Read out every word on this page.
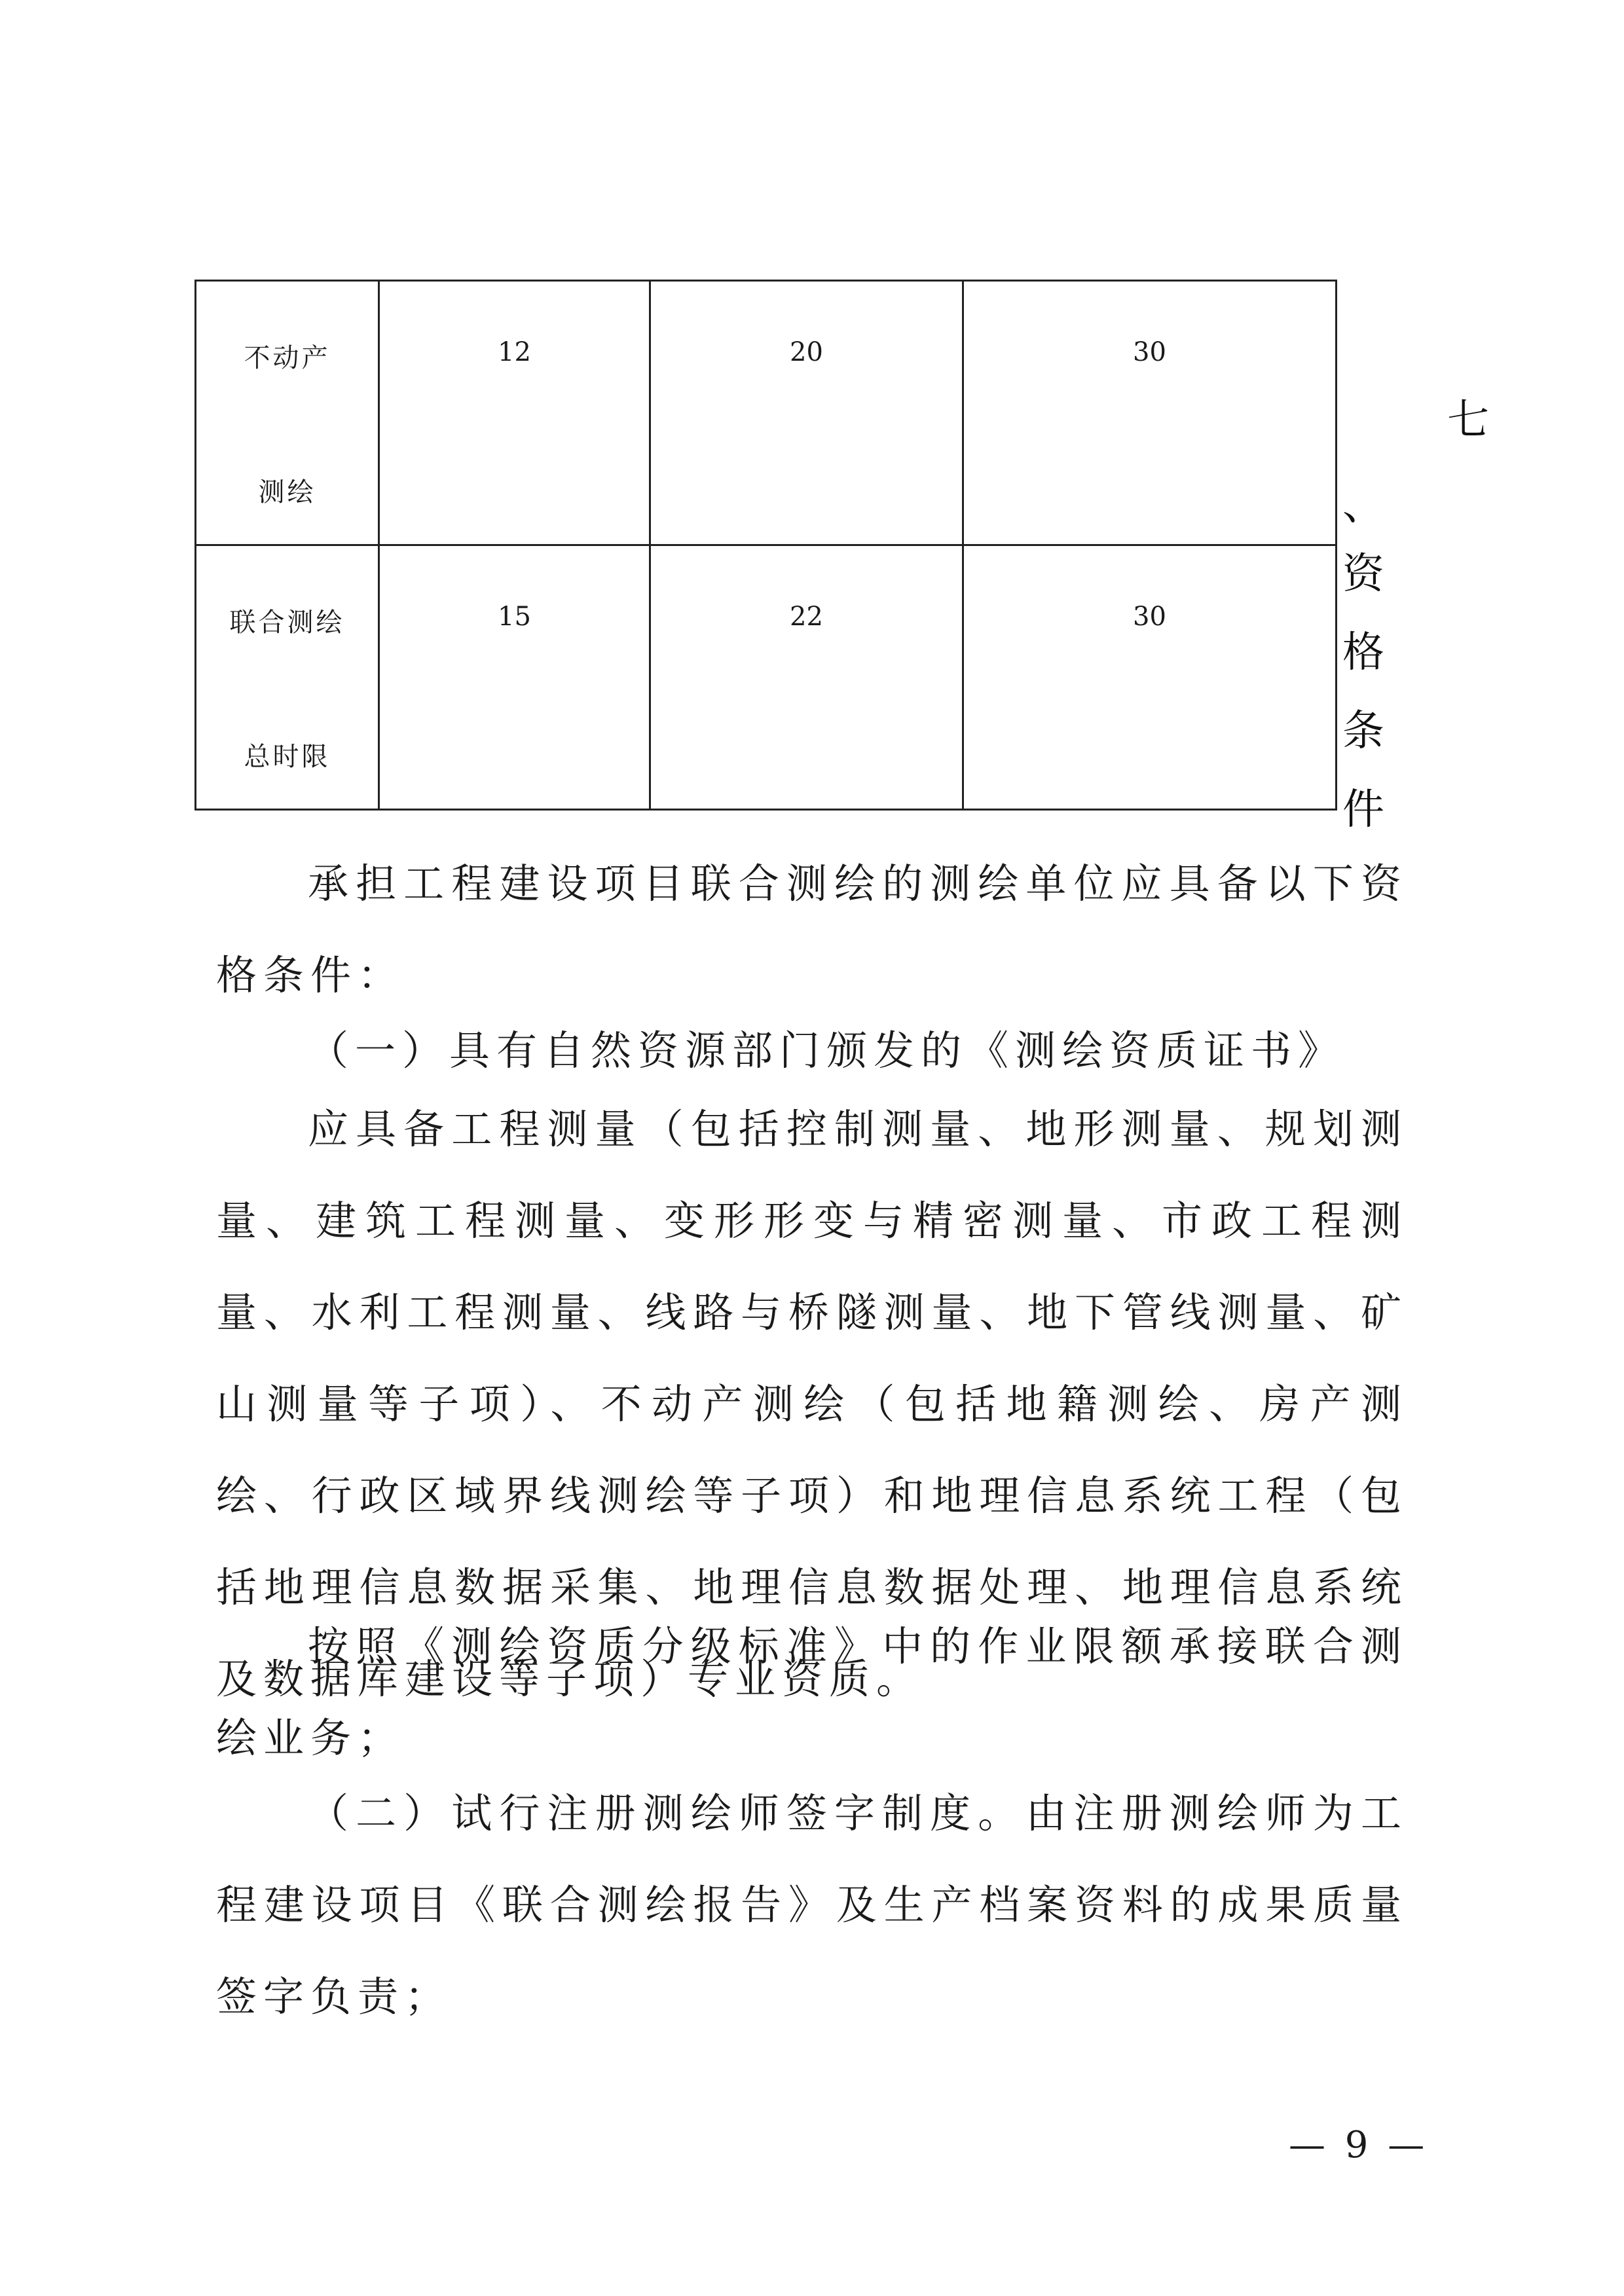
不动产
测绘	12	20	30

联合测绘
总时限	15	22	30
七
、
资
格
条
件

承担工程建设项目联合测绘的测绘单位应具备以下资格条件：

（一）具有自然资源部门颁发的《测绘资质证书》

应具备工程测量（包括控制测量、地形测量、规划测量、建筑工程测量、变形形变与精密测量、市政工程测量、水利工程测量、线路与桥隧测量、地下管线测量、矿山测量等子项）、不动产测绘（包括地籍测绘、房产测绘、行政区域界线测绘等子项）和地理信息系统工程（包括地理信息数据采集、地理信息数据处理、地理信息系统及数据库建设等子项）专业资质。

按照《测绘资质分级标准》中的作业限额承接联合测绘业务；

（二）试行注册测绘师签字制度。由注册测绘师为工程建设项目《联合测绘报告》及生产档案资料的成果质量签字负责；

— 9 —
